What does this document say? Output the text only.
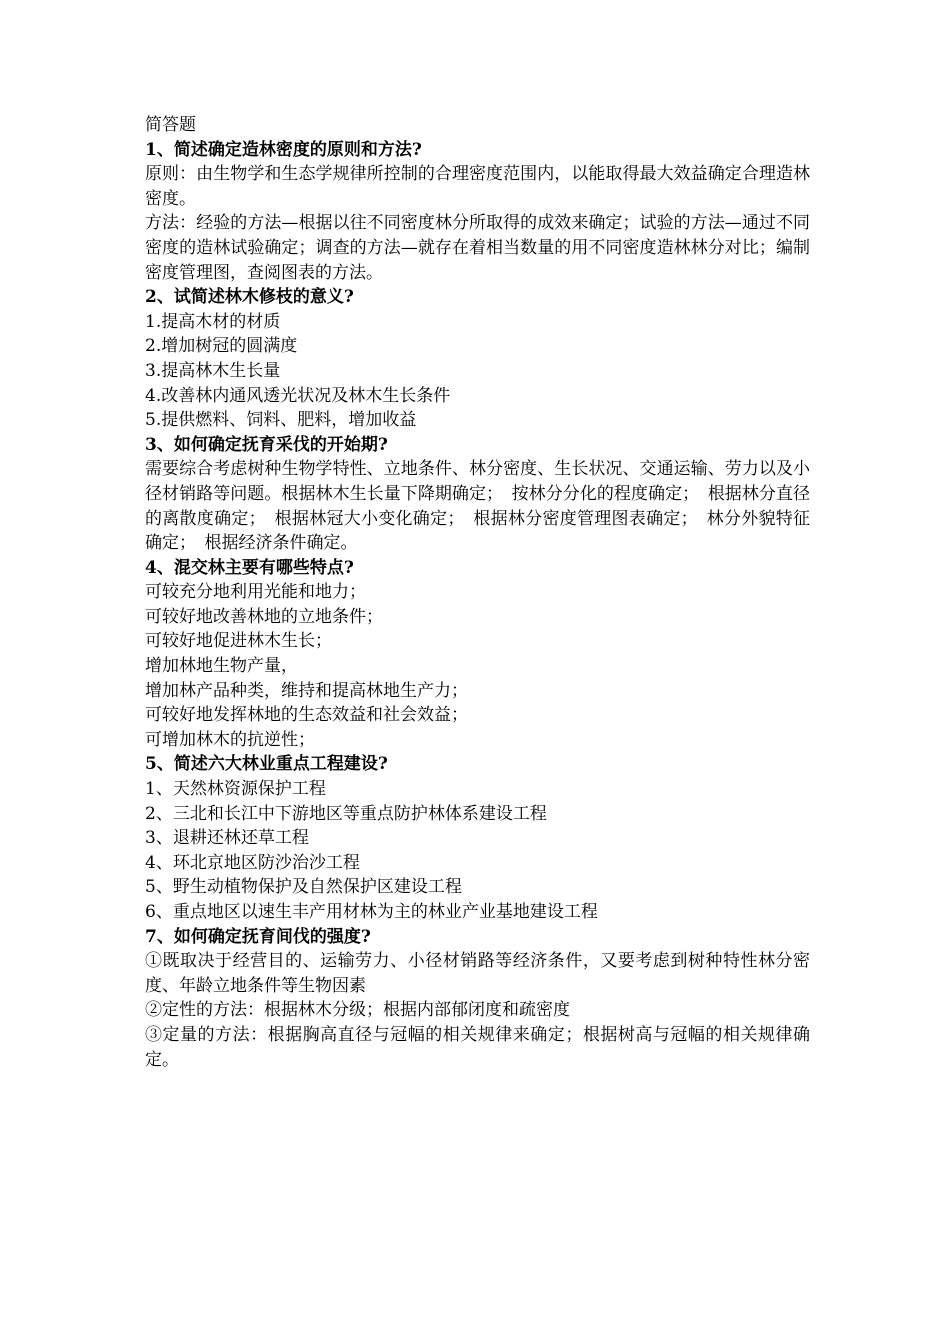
简答题
1、简述确定造林密度的原则和方法?
原则：由生物学和生态学规律所控制的合理密度范围内，以能取得最大效益确定合理造林密度。
方法：经验的方法—根据以往不同密度林分所取得的成效来确定；试验的方法—通过不同密度的造林试验确定；调查的方法—就存在着相当数量的用不同密度造林林分对比；编制密度管理图，查阅图表的方法。
2、试简述林木修枝的意义?
1.提高木材的材质
2.增加树冠的圆满度
3.提高林木生长量
4.改善林内通风透光状况及林木生长条件
5.提供燃料、饲料、肥料，增加收益
3、如何确定抚育采伐的开始期?
需要综合考虑树种生物学特性、立地条件、林分密度、生长状况、交通运输、劳力以及小径材销路等问题。根据林木生长量下降期确定；　按林分分化的程度确定；　根据林分直径的离散度确定；　根据林冠大小变化确定；　根据林分密度管理图表确定；　林分外貌特征确定；　根据经济条件确定。
4、混交林主要有哪些特点?
可较充分地利用光能和地力；
可较好地改善林地的立地条件；
可较好地促进林木生长；
增加林地生物产量，
增加林产品种类，维持和提高林地生产力；
可较好地发挥林地的生态效益和社会效益；
可增加林木的抗逆性；
5、简述六大林业重点工程建设?
1、天然林资源保护工程
2、三北和长江中下游地区等重点防护林体系建设工程
3、退耕还林还草工程
4、环北京地区防沙治沙工程
5、野生动植物保护及自然保护区建设工程
6、重点地区以速生丰产用材林为主的林业产业基地建设工程
7、如何确定抚育间伐的强度?
①既取决于经营目的、运输劳力、小径材销路等经济条件，又要考虑到树种特性林分密度、年龄立地条件等生物因素
②定性的方法：根据林木分级；根据内部郁闭度和疏密度
③定量的方法：根据胸高直径与冠幅的相关规律来确定；根据树高与冠幅的相关规律确定。
